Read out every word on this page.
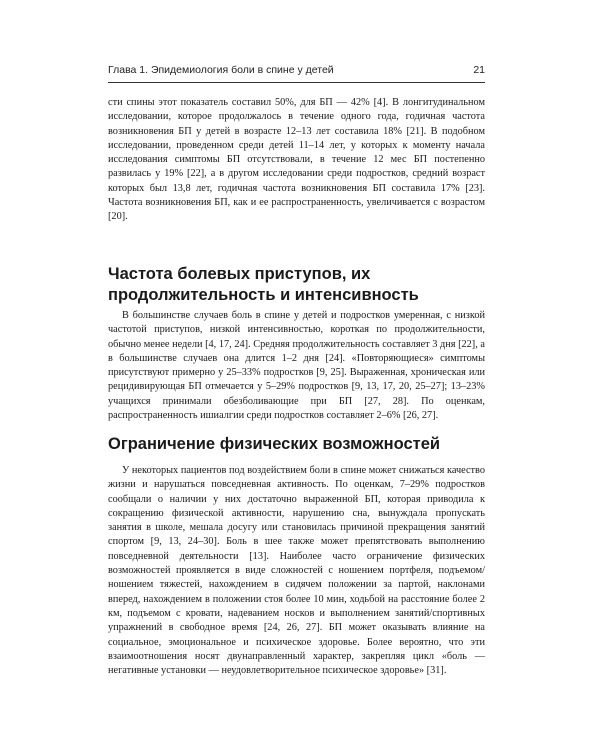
Глава 1. Эпидемиология боли в спине у детей	21

сти спины этот показатель составил 50%, для БП — 42% [4]. В лонгитудинальном исследовании, которое продолжалось в течение одного года, годичная частота возникновения БП у детей в возрасте 12–13 лет составила 18% [21]. В подобном исследовании, проведенном среди детей 11–14 лет, у которых к моменту начала исследования симптомы БП отсутствовали, в течение 12 мес БП постепенно развилась у 19% [22], а в другом исследовании среди подростков, средний возраст которых был 13,8 лет, годичная частота возникновения БП составила 17% [23]. Частота возникновения БП, как и ее распространенность, увеличивается с возрастом [20].

Частота болевых приступов, их продолжительность и интенсивность

В большинстве случаев боль в спине у детей и подростков умеренная, с низкой частотой приступов, низкой интенсивностью, короткая по продолжительности, обычно менее недели [4, 17, 24]. Средняя продолжительность составляет 3 дня [22], а в большинстве случаев она длится 1–2 дня [24]. «Повторяющиеся» симптомы присутствуют примерно у 25–33% подростков [9, 25]. Выраженная, хроническая или рецидивирующая БП отмечается у 5–29% подростков [9, 13, 17, 20, 25–27]; 13–23% учащихся принимали обезболивающие при БП [27, 28]. По оценкам, распространенность ишиалгии среди подростков составляет 2–6% [26, 27].

Ограничение физических возможностей

У некоторых пациентов под воздействием боли в спине может снижаться качество жизни и нарушаться повседневная активность. По оценкам, 7–29% подростков сообщали о наличии у них достаточно выраженной БП, которая приводила к сокращению физической активности, нарушению сна, вынуждала пропускать занятия в школе, мешала досугу или становилась причиной прекращения занятий спортом [9, 13, 24–30]. Боль в шее также может препятствовать выполнению повседневной деятельности [13]. Наиболее часто ограничение физических возможностей проявляется в виде сложностей с ношением портфеля, подъемом/ношением тяжестей, нахождением в сидячем положении за партой, наклонами вперед, нахождением в положении стоя более 10 мин, ходьбой на расстояние более 2 км, подъемом с кровати, надеванием носков и выполнением занятий/спортивных упражнений в свободное время [24, 26, 27]. БП может оказывать влияние на социальное, эмоциональное и психическое здоровье. Более вероятно, что эти взаимоотношения носят двунаправленный характер, закрепляя цикл «боль — негативные установки — неудовлетворительное психическое здоровье» [31].
